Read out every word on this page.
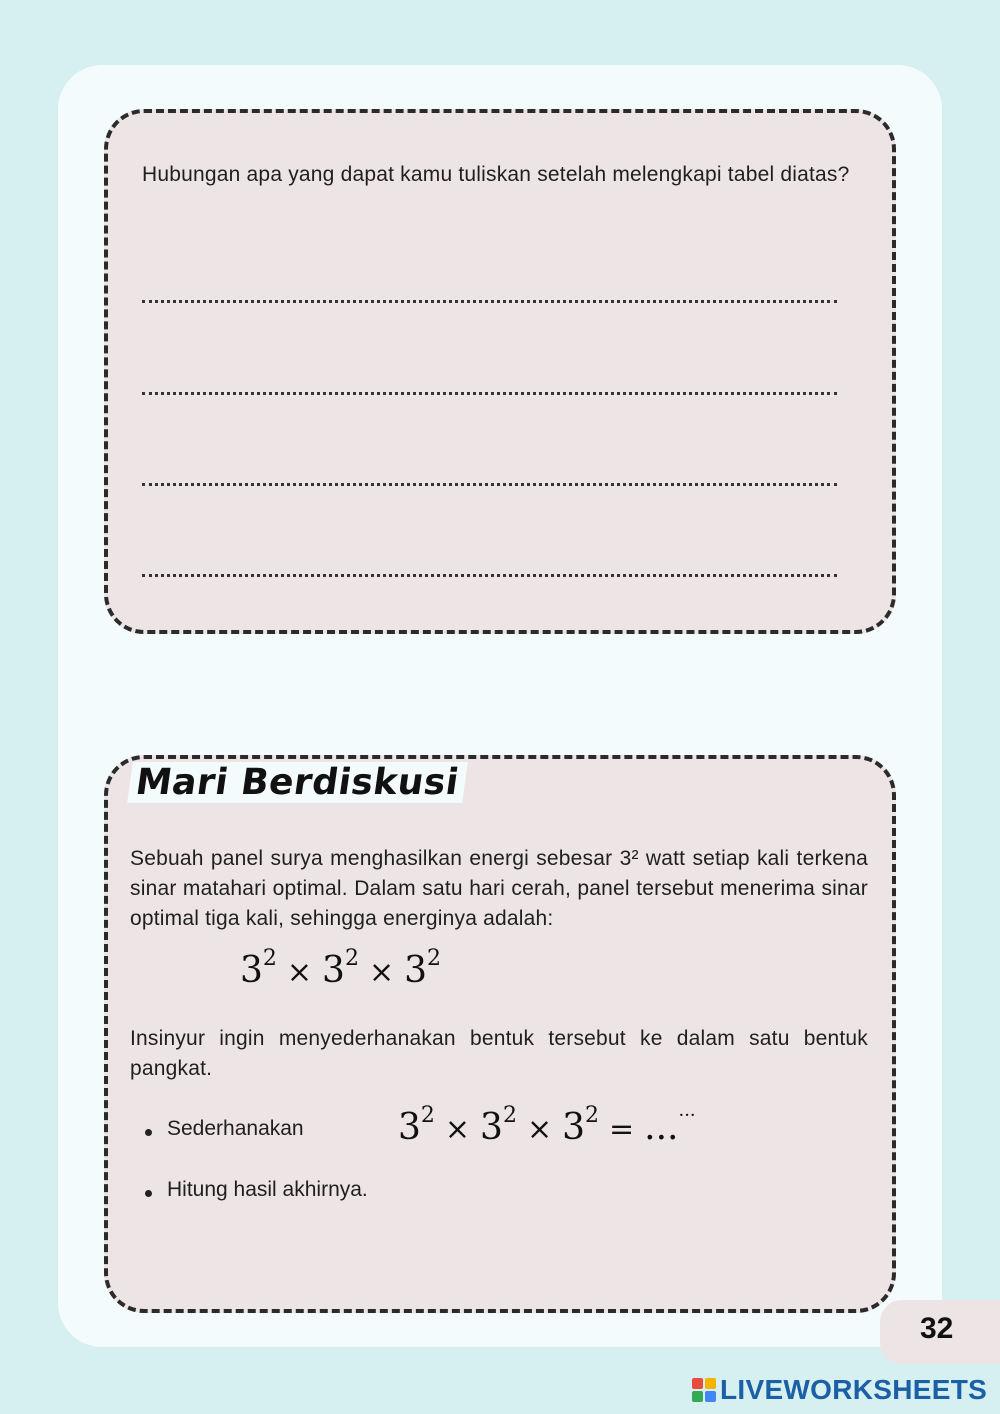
Hubungan apa yang dapat kamu tuliskan setelah melengkapi tabel diatas?
Mari Berdiskusi
Sebuah panel surya menghasilkan energi sebesar 3² watt setiap kali terkena sinar matahari optimal. Dalam satu hari cerah, panel tersebut menerima sinar optimal tiga kali, sehingga energinya adalah:
$3^2 \times 3^2 \times 3^2$
Insinyur ingin menyederhanakan bentuk tersebut ke dalam satu bentuk pangkat.
Sederhanakan	$3^2 \times 3^2 \times 3^2 = ...^{\cdot\cdot\cdot}$
Hitung hasil akhirnya.
32
LIVEWORKSHEETS
